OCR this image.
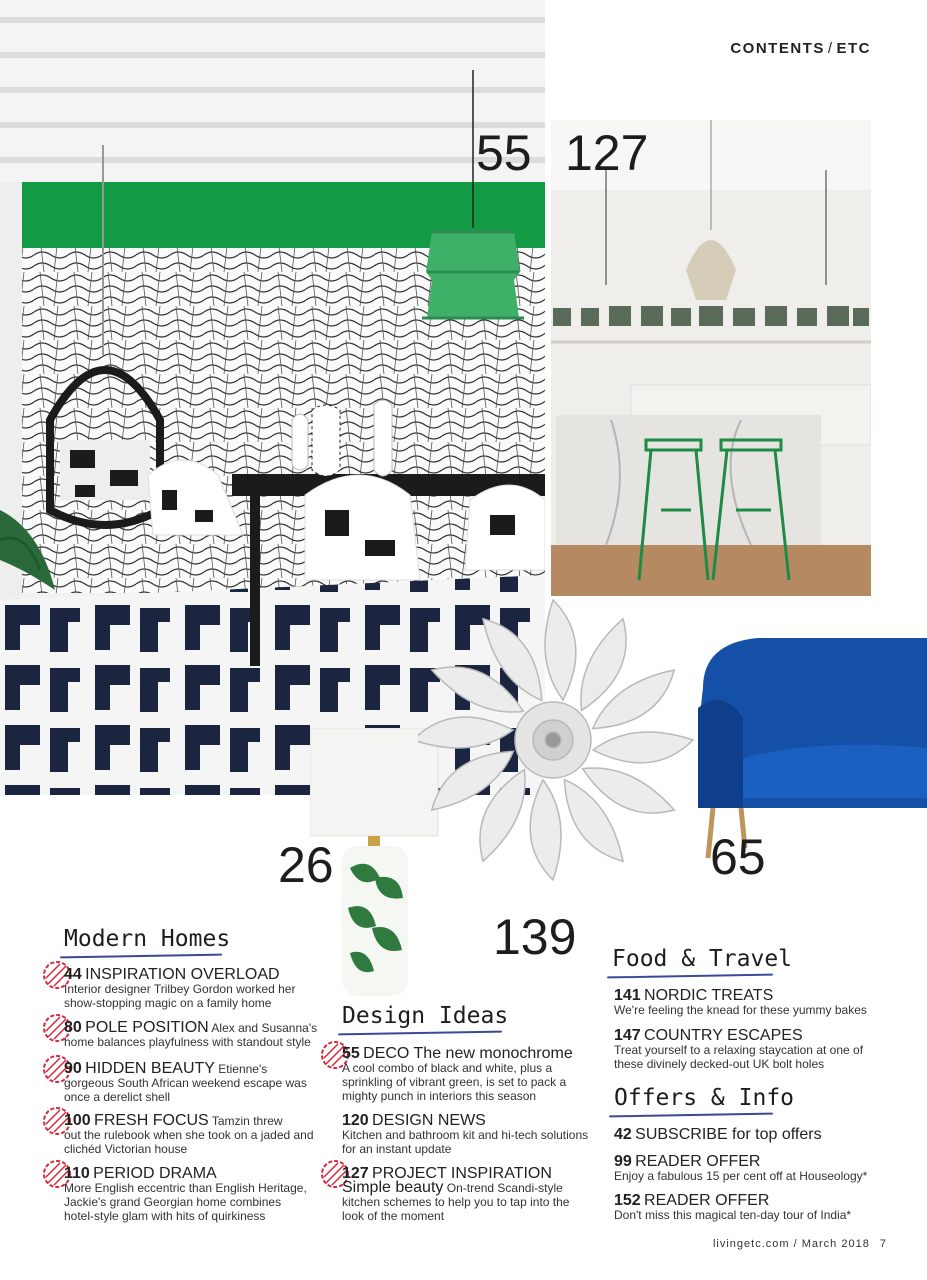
CONTENTS / ETC
55 127
26
139
65
Modern Homes
44 INSPIRATION OVERLOAD
Interior designer Trilbey Gordon worked her show-stopping magic on a family home
80 POLE POSITION Alex and Susanna's
home balances playfulness with standout style
90 HIDDEN BEAUTY Etienne's
gorgeous South African weekend escape was once a derelict shell
100 FRESH FOCUS Tamzin threw
out the rulebook when she took on a jaded and clichéd Victorian house
110 PERIOD DRAMA
More English eccentric than English Heritage, Jackie's grand Georgian home combines hotel-style glam with hits of quirkiness
Design Ideas
55 DECO The new monochrome
A cool combo of black and white, plus a sprinkling of vibrant green, is set to pack a mighty punch in interiors this season
120 DESIGN NEWS
Kitchen and bathroom kit and hi-tech solutions for an instant update
127 PROJECT INSPIRATION
Simple beauty On-trend Scandi-style
kitchen schemes to help you to tap into the look of the moment
Food & Travel
141 NORDIC TREATS
We're feeling the knead for these yummy bakes
147 COUNTRY ESCAPES
Treat yourself to a relaxing staycation at one of these divinely decked-out UK bolt holes
Offers & Info
42 SUBSCRIBE for top offers
99 READER OFFER
Enjoy a fabulous 15 per cent off at Houseology*
152 READER OFFER
Don't miss this magical ten-day tour of India*
livingetc.com / March 2018 7
